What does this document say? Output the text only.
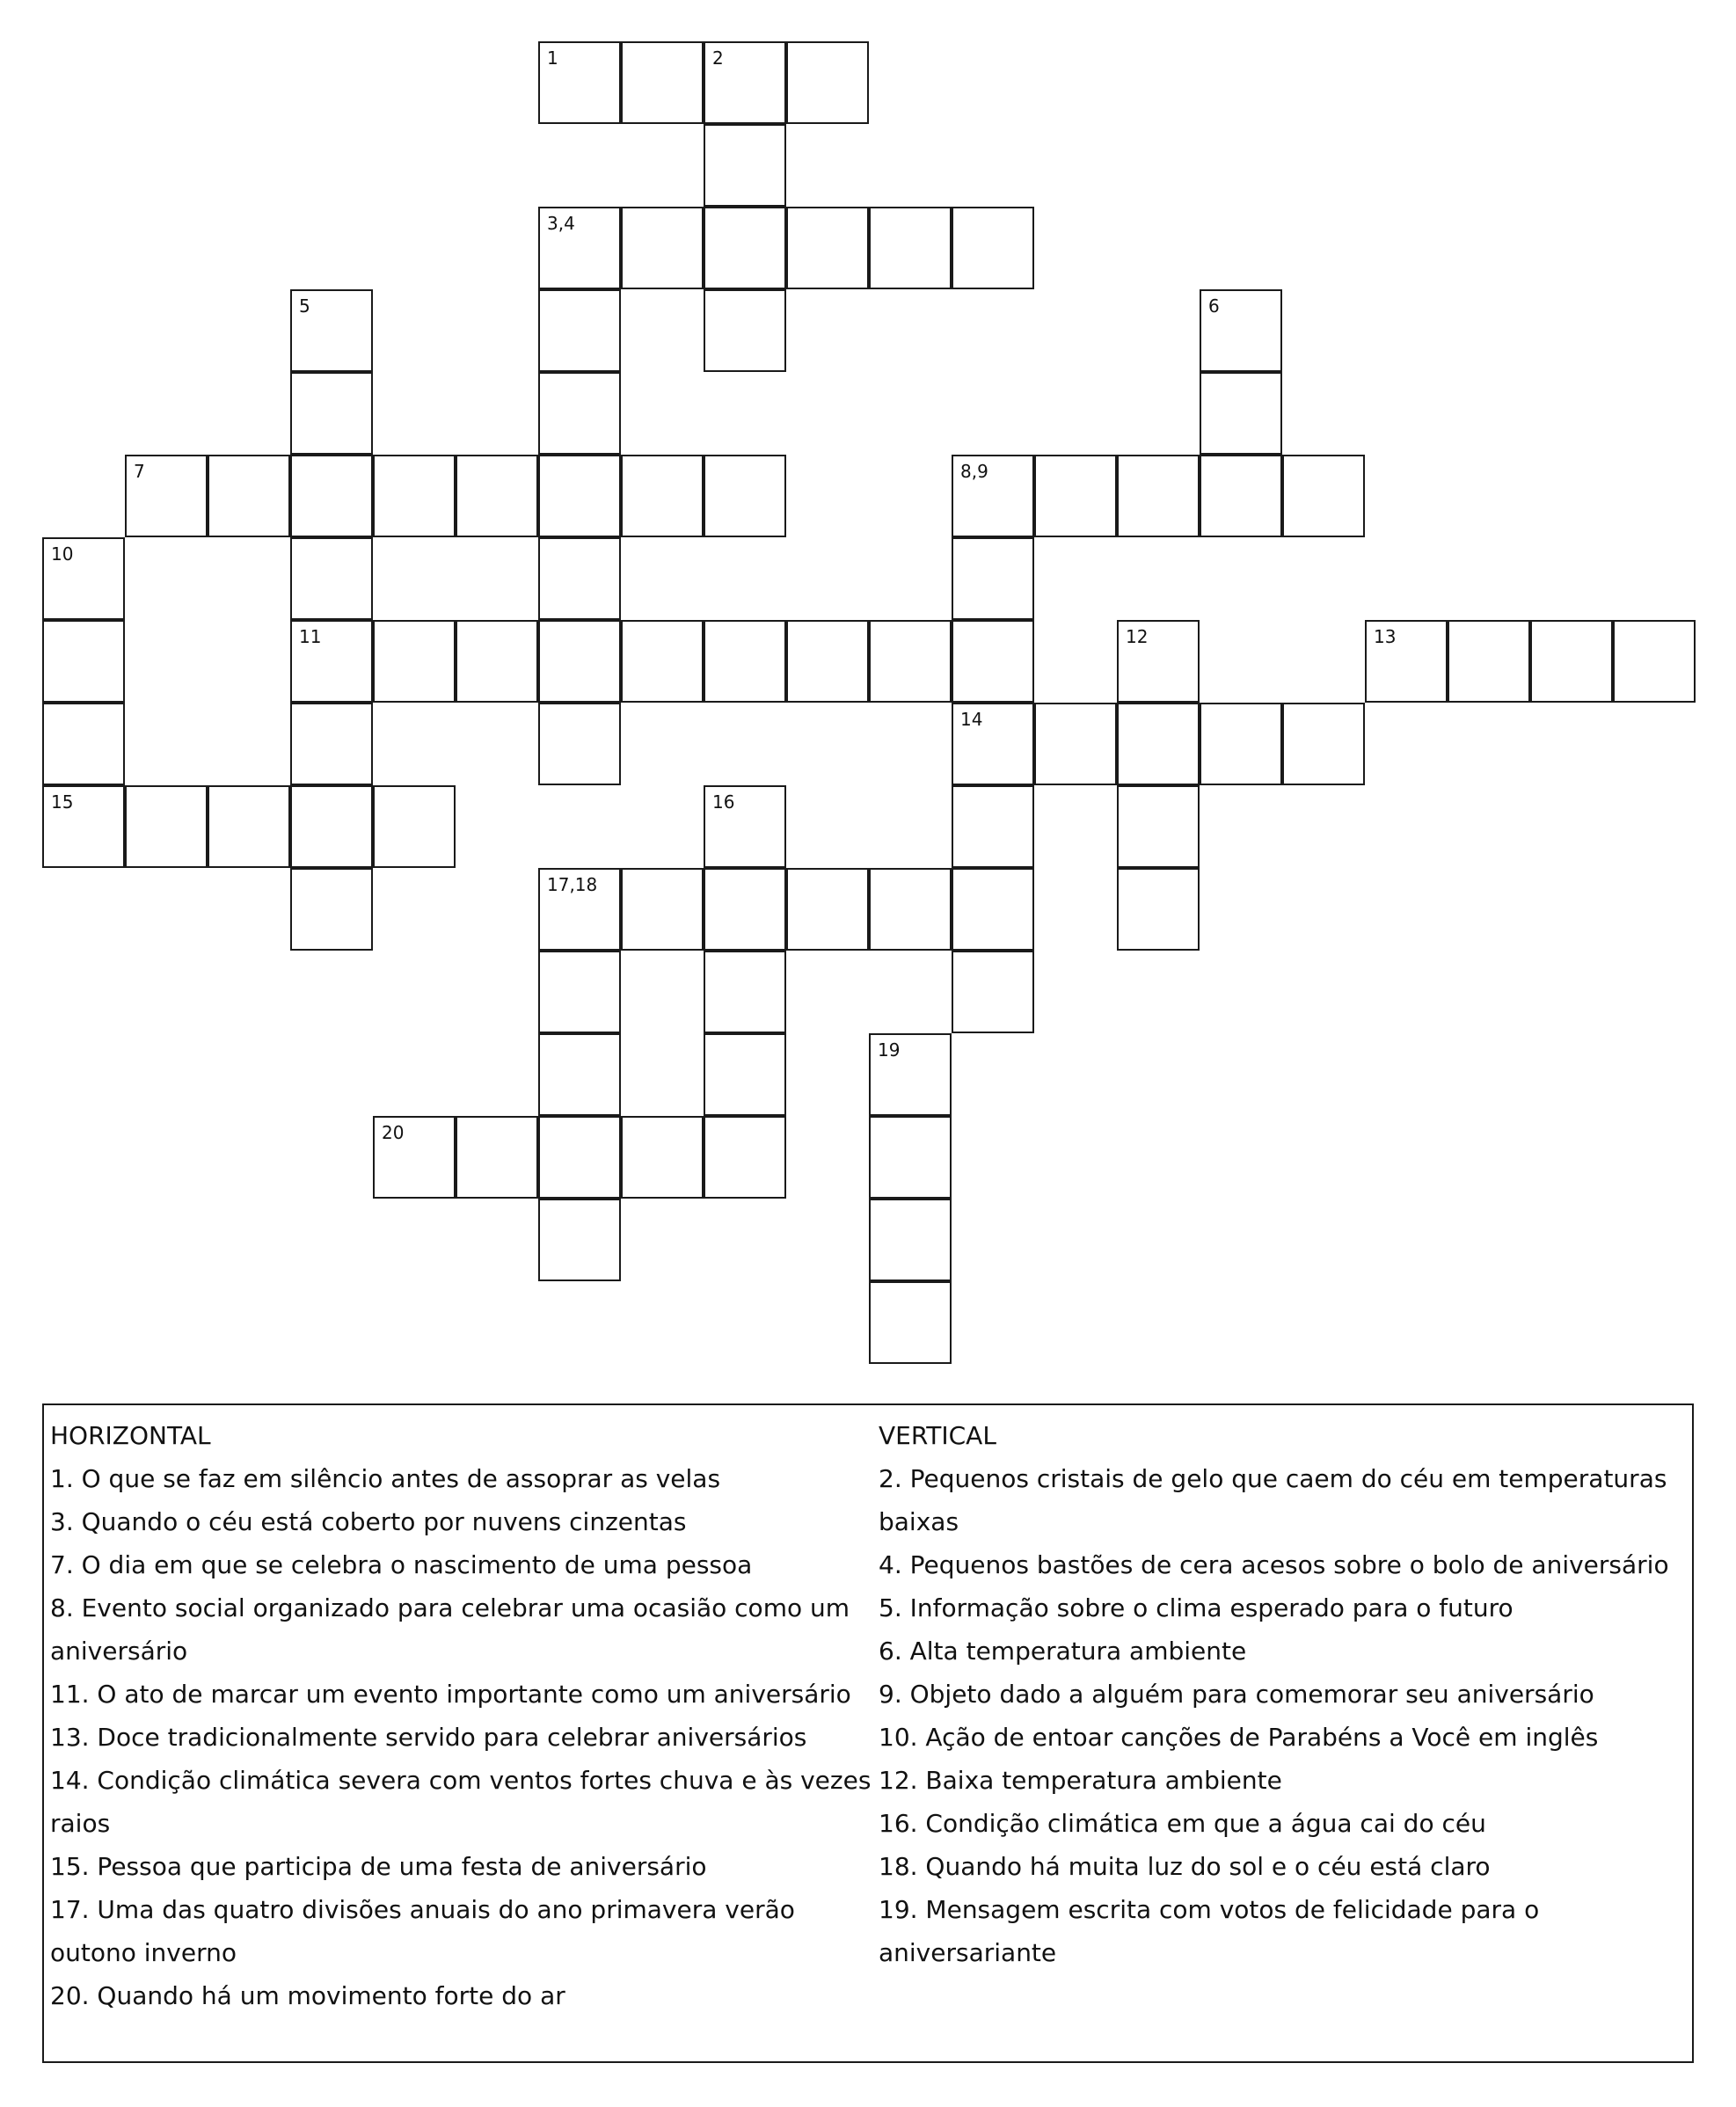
1	2
3,4
5	6
7	8,9
10
11	12	13
14
15	16
17,18
19
20
HORIZONTAL
1. O que se faz em silêncio antes de assoprar as velas
3. Quando o céu está coberto por nuvens cinzentas
7. O dia em que se celebra o nascimento de uma pessoa
8. Evento social organizado para celebrar uma ocasião como um aniversário
11. O ato de marcar um evento importante como um aniversário
13. Doce tradicionalmente servido para celebrar aniversários
14. Condição climática severa com ventos fortes chuva e às vezes raios
15. Pessoa que participa de uma festa de aniversário
17. Uma das quatro divisões anuais do ano primavera verão outono inverno
20. Quando há um movimento forte do ar
VERTICAL
2. Pequenos cristais de gelo que caem do céu em temperaturas baixas
4. Pequenos bastões de cera acesos sobre o bolo de aniversário
5. Informação sobre o clima esperado para o futuro
6. Alta temperatura ambiente
9. Objeto dado a alguém para comemorar seu aniversário
10. Ação de entoar canções de Parabéns a Você em inglês
12. Baixa temperatura ambiente
16. Condição climática em que a água cai do céu
18. Quando há muita luz do sol e o céu está claro
19. Mensagem escrita com votos de felicidade para o aniversariante
